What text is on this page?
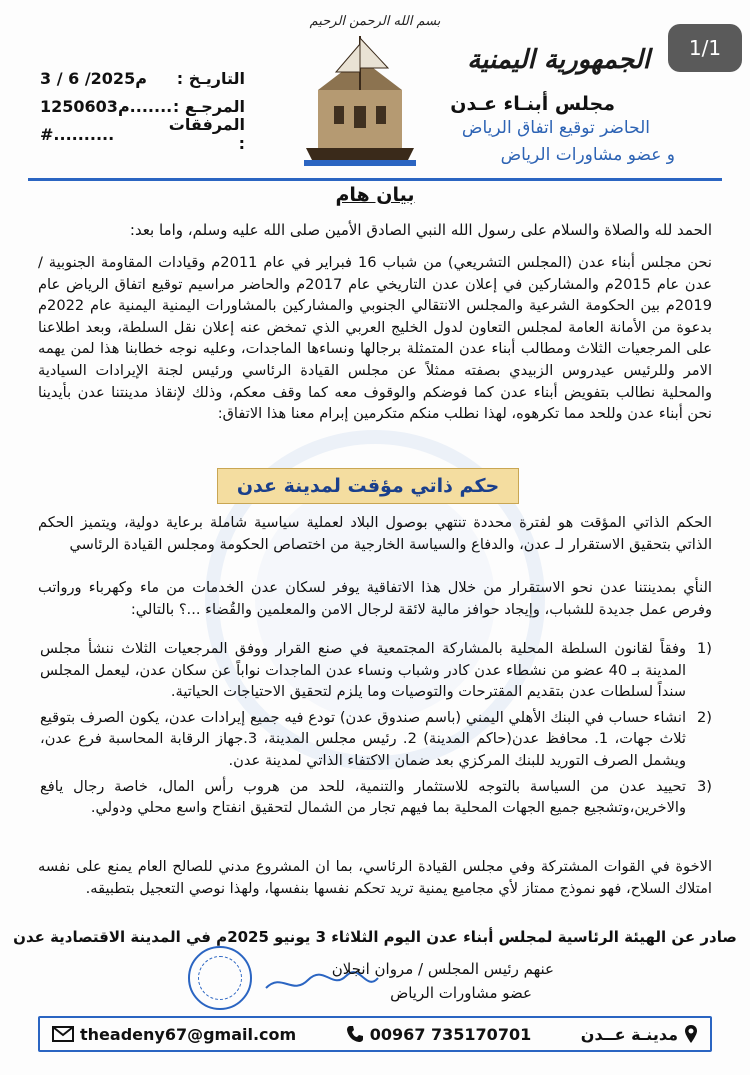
1/1
بسم الله الرحمن الرحيم
الجمهورية اليمنية
مجلس أبنـاء عـدن
الحاضر توقيع اتفاق الرياض
و عضو مشاورات الرياض
التاريـخ :
3 / 6 /2025م
المرجـع :
1م250603.......
المرفقات :
#..........
بيان هام
الحمد لله والصلاة والسلام على رسول الله النبي الصادق الأمين صلى الله عليه وسلم، واما بعد:
نحن مجلس أبناء عدن (المجلس التشريعي) من شباب 16 فبراير في عام 2011م وقيادات المقاومة الجنوبية /عدن عام 2015م والمشاركين في إعلان عدن التاريخي عام 2017م والحاضر مراسيم توقيع اتفاق الرياض عام 2019م بين الحكومة الشرعية والمجلس الانتقالي الجنوبي والمشاركين بالمشاورات اليمنية اليمنية عام 2022م بدعوة من الأمانة العامة لمجلس التعاون لدول الخليج العربي الذي تمخض عنه إعلان نقل السلطة، وبعد اطلاعنا على المرجعيات الثلاث ومطالب أبناء عدن المتمثلة برجالها ونساءها الماجدات، وعليه نوجه خطابنا هذا لمن يهمه الامر وللرئيس عيدروس الزبيدي بصفته ممثلاً عن مجلس القيادة الرئاسي ورئيس لجنة الإيرادات السيادية والمحلية نطالب بتفويض أبناء عدن كما فوضكم والوقوف معه كما وقف معكم، وذلك لإنقاذ مدينتنا عدن بأيدينا نحن أبناء عدن وللحد مما تكرهوه، لهذا نطلب منكم متكرمين إبرام معنا هذا الاتفاق:
حكم ذاتي مؤقت لمدينة عدن
الحكم الذاتي المؤقت هو لفترة محددة تنتهي بوصول البلاد لعملية سياسية شاملة برعاية دولية، ويتميز الحكم الذاتي بتحقيق الاستقرار لـ عدن، والدفاع والسياسة الخارجية من اختصاص الحكومة ومجلس القيادة الرئاسي
النأي بمدينتنا عدن نحو الاستقرار من خلال هذا الاتفاقية يوفر لسكان عدن الخدمات من ماء وكهرباء ورواتب وفرص عمل جديدة للشباب، وإيجاد حوافز مالية لائقة لرجال الامن والمعلمين والقُضاء ...؟ بالتالي:
1)
وفقاً لقانون السلطة المحلية بالمشاركة المجتمعية في صنع القرار ووفق المرجعيات الثلاث ننشأ مجلس المدينة بـ 40 عضو من نشطاء عدن كادر وشباب ونساء عدن الماجدات نواباً عن سكان عدن، ليعمل المجلس سنداً لسلطات عدن بتقديم المقترحات والتوصيات وما يلزم لتحقيق الاحتياجات الحياتية.
2)
انشاء حساب في البنك الأهلي اليمني (باسم صندوق عدن) تودع فيه جميع إيرادات عدن، يكون الصرف بتوقيع ثلاث جهات، 1. محافظ عدن(حاكم المدينة) 2. رئيس مجلس المدينة، 3.جهاز الرقابة المحاسبة فرع عدن، ويشمل الصرف التوريد للبنك المركزي بعد ضمان الاكتفاء الذاتي لمدينة عدن.
3)
تحييد عدن من السياسة بالتوجه للاستثمار والتنمية، للحد من هروب رأس المال، خاصة رجال يافع والاخرين،وتشجيع جميع الجهات المحلية بما فيهم تجار من الشمال لتحقيق انفتاح واسع محلي ودولي.
الاخوة في القوات المشتركة وفي مجلس القيادة الرئاسي، بما ان المشروع مدني للصالح العام يمنع على نفسه امتلاك السلاح، فهو نموذج ممتاز لأي مجاميع يمنية تريد تحكم نفسها بنفسها، ولهذا نوصي التعجيل بتطبيقه.
صادر عن الهيئة الرئاسية لمجلس أبناء عدن اليوم الثلاثاء 3 يونيو 2025م في المدينة الاقتصادية عدن
عنهم رئيس المجلس / مروان انجلان
عضو مشاورات الرياض
theadeny67@gmail.com	00967 735170701	مدينـة عــدن
